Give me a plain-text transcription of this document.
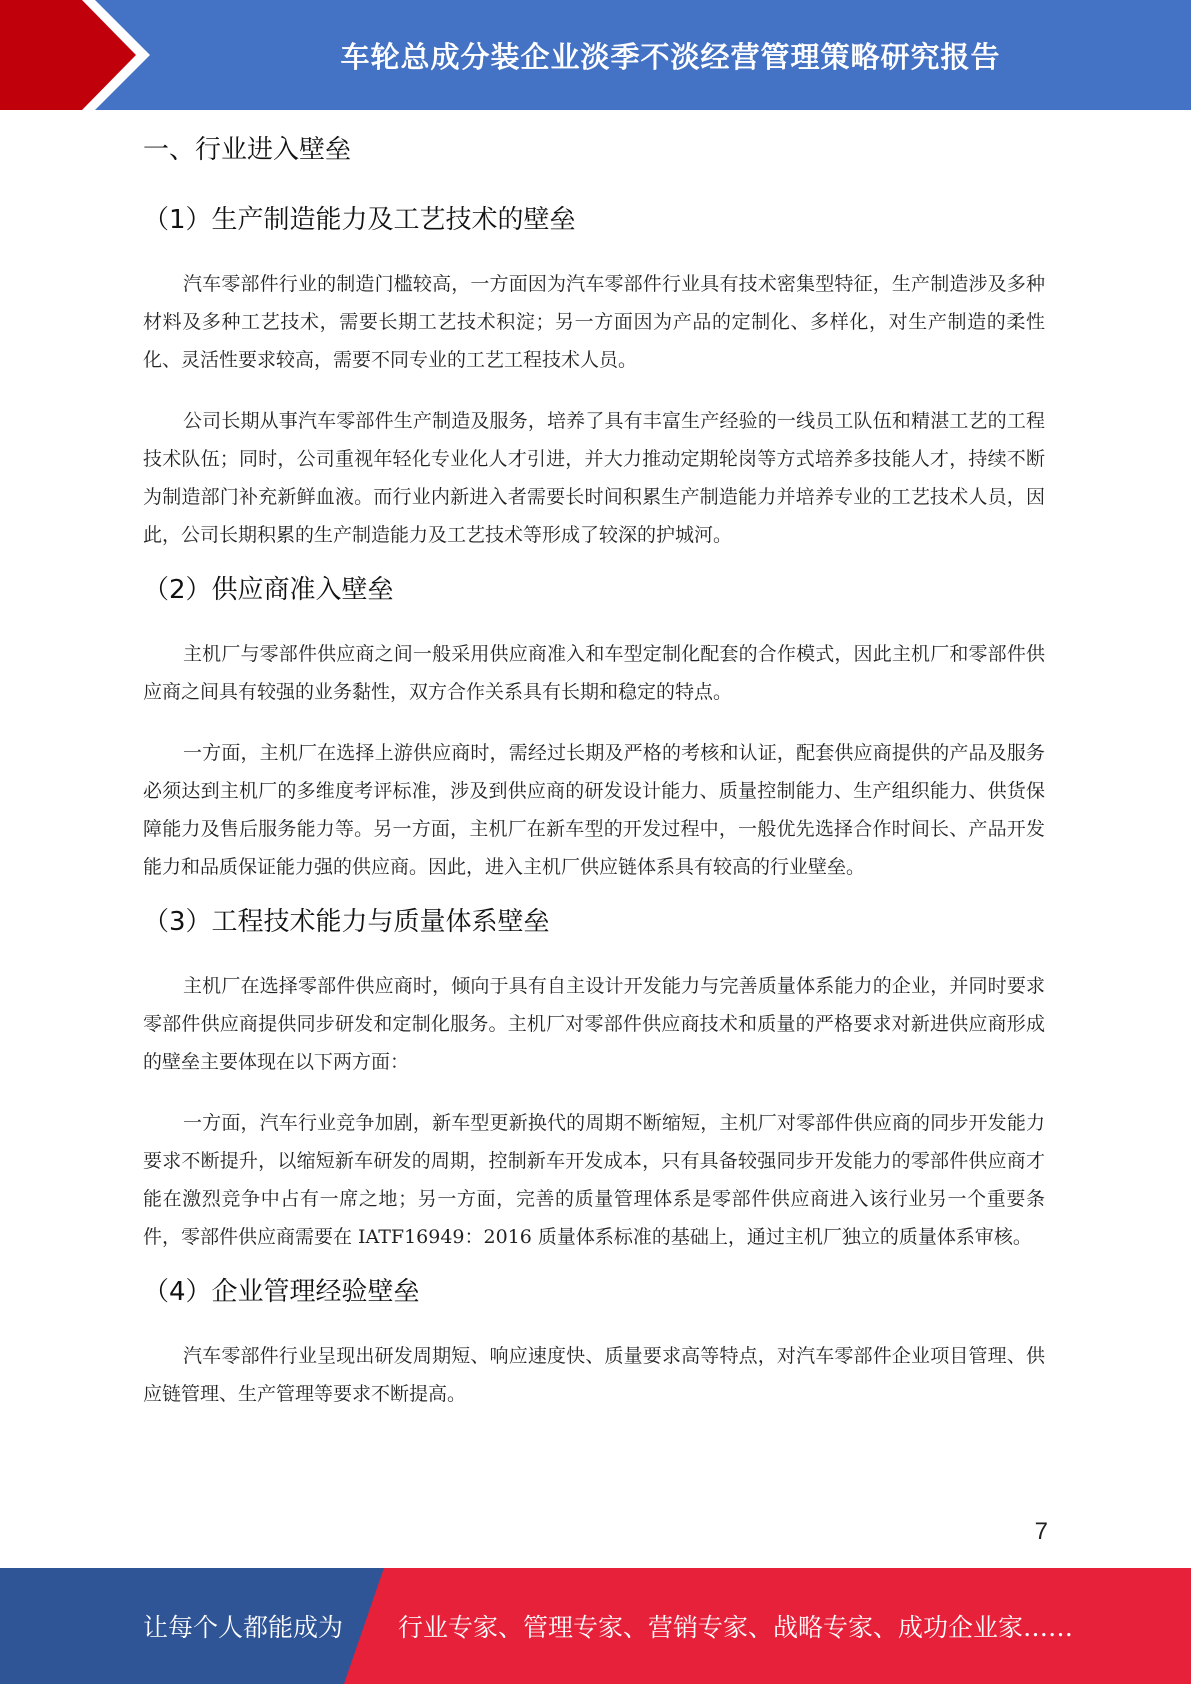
车轮总成分装企业淡季不淡经营管理策略研究报告
一、行业进入壁垒
（1）生产制造能力及工艺技术的壁垒

汽车零部件行业的制造门槛较高，一方面因为汽车零部件行业具有技术密集型特征，生产制造涉及多种材料及多种工艺技术，需要长期工艺技术积淀；另一方面因为产品的定制化、多样化，对生产制造的柔性化、灵活性要求较高，需要不同专业的工艺工程技术人员。

公司长期从事汽车零部件生产制造及服务，培养了具有丰富生产经验的一线员工队伍和精湛工艺的工程技术队伍；同时，公司重视年轻化专业化人才引进，并大力推动定期轮岗等方式培养多技能人才，持续不断为制造部门补充新鲜血液。而行业内新进入者需要长时间积累生产制造能力并培养专业的工艺技术人员，因此，公司长期积累的生产制造能力及工艺技术等形成了较深的护城河。

（2）供应商准入壁垒

主机厂与零部件供应商之间一般采用供应商准入和车型定制化配套的合作模式，因此主机厂和零部件供应商之间具有较强的业务黏性，双方合作关系具有长期和稳定的特点。

一方面，主机厂在选择上游供应商时，需经过长期及严格的考核和认证，配套供应商提供的产品及服务必须达到主机厂的多维度考评标准，涉及到供应商的研发设计能力、质量控制能力、生产组织能力、供货保障能力及售后服务能力等。另一方面，主机厂在新车型的开发过程中，一般优先选择合作时间长、产品开发能力和品质保证能力强的供应商。因此，进入主机厂供应链体系具有较高的行业壁垒。

（3）工程技术能力与质量体系壁垒

主机厂在选择零部件供应商时，倾向于具有自主设计开发能力与完善质量体系能力的企业，并同时要求零部件供应商提供同步研发和定制化服务。主机厂对零部件供应商技术和质量的严格要求对新进供应商形成的壁垒主要体现在以下两方面：

一方面，汽车行业竞争加剧，新车型更新换代的周期不断缩短，主机厂对零部件供应商的同步开发能力要求不断提升，以缩短新车研发的周期，控制新车开发成本，只有具备较强同步开发能力的零部件供应商才能在激烈竞争中占有一席之地；另一方面，完善的质量管理体系是零部件供应商进入该行业另一个重要条件，零部件供应商需要在 IATF16949：2016 质量体系标准的基础上，通过主机厂独立的质量体系审核。

（4）企业管理经验壁垒

汽车零部件行业呈现出研发周期短、响应速度快、质量要求高等特点，对汽车零部件企业项目管理、供应链管理、生产管理等要求不断提高。

7
让每个人都能成为 行业专家、管理专家、营销专家、战略专家、成功企业家……
